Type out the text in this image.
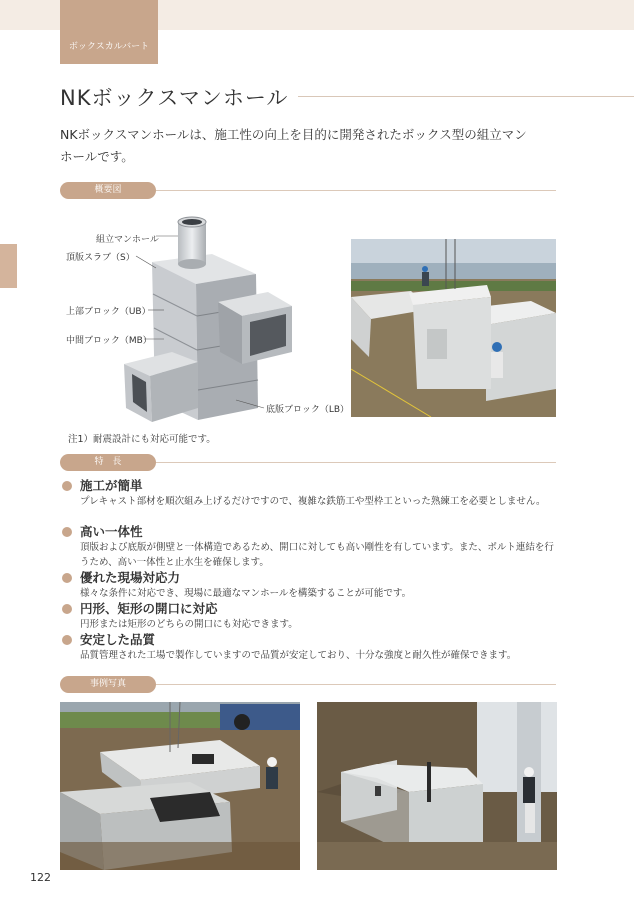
ボックスカルバート
NKボックスマンホール
NKボックスマンホールは、施工性の向上を目的に開発されたボックス型の組立マンホールです。
概要図
組立マンホール
頂版スラブ（S）
上部ブロック（UB）
中間ブロック（MB）
底版ブロック（LB）
注1）耐震設計にも対応可能です。
特　長
施工が簡単
プレキャスト部材を順次組み上げるだけですので、複雑な鉄筋工や型枠工といった熟練工を必要としません。
高い一体性
頂版および底版が側壁と一体構造であるため、開口に対しても高い剛性を有しています。また、ボルト連結を行うため、高い一体性と止水生を確保します。
優れた現場対応力
様々な条件に対応でき、現場に最適なマンホールを構築することが可能です。
円形、矩形の開口に対応
円形または矩形のどちらの開口にも対応できます。
安定した品質
品質管理された工場で製作していますので品質が安定しており、十分な強度と耐久性が確保できます。
事例写真
122
